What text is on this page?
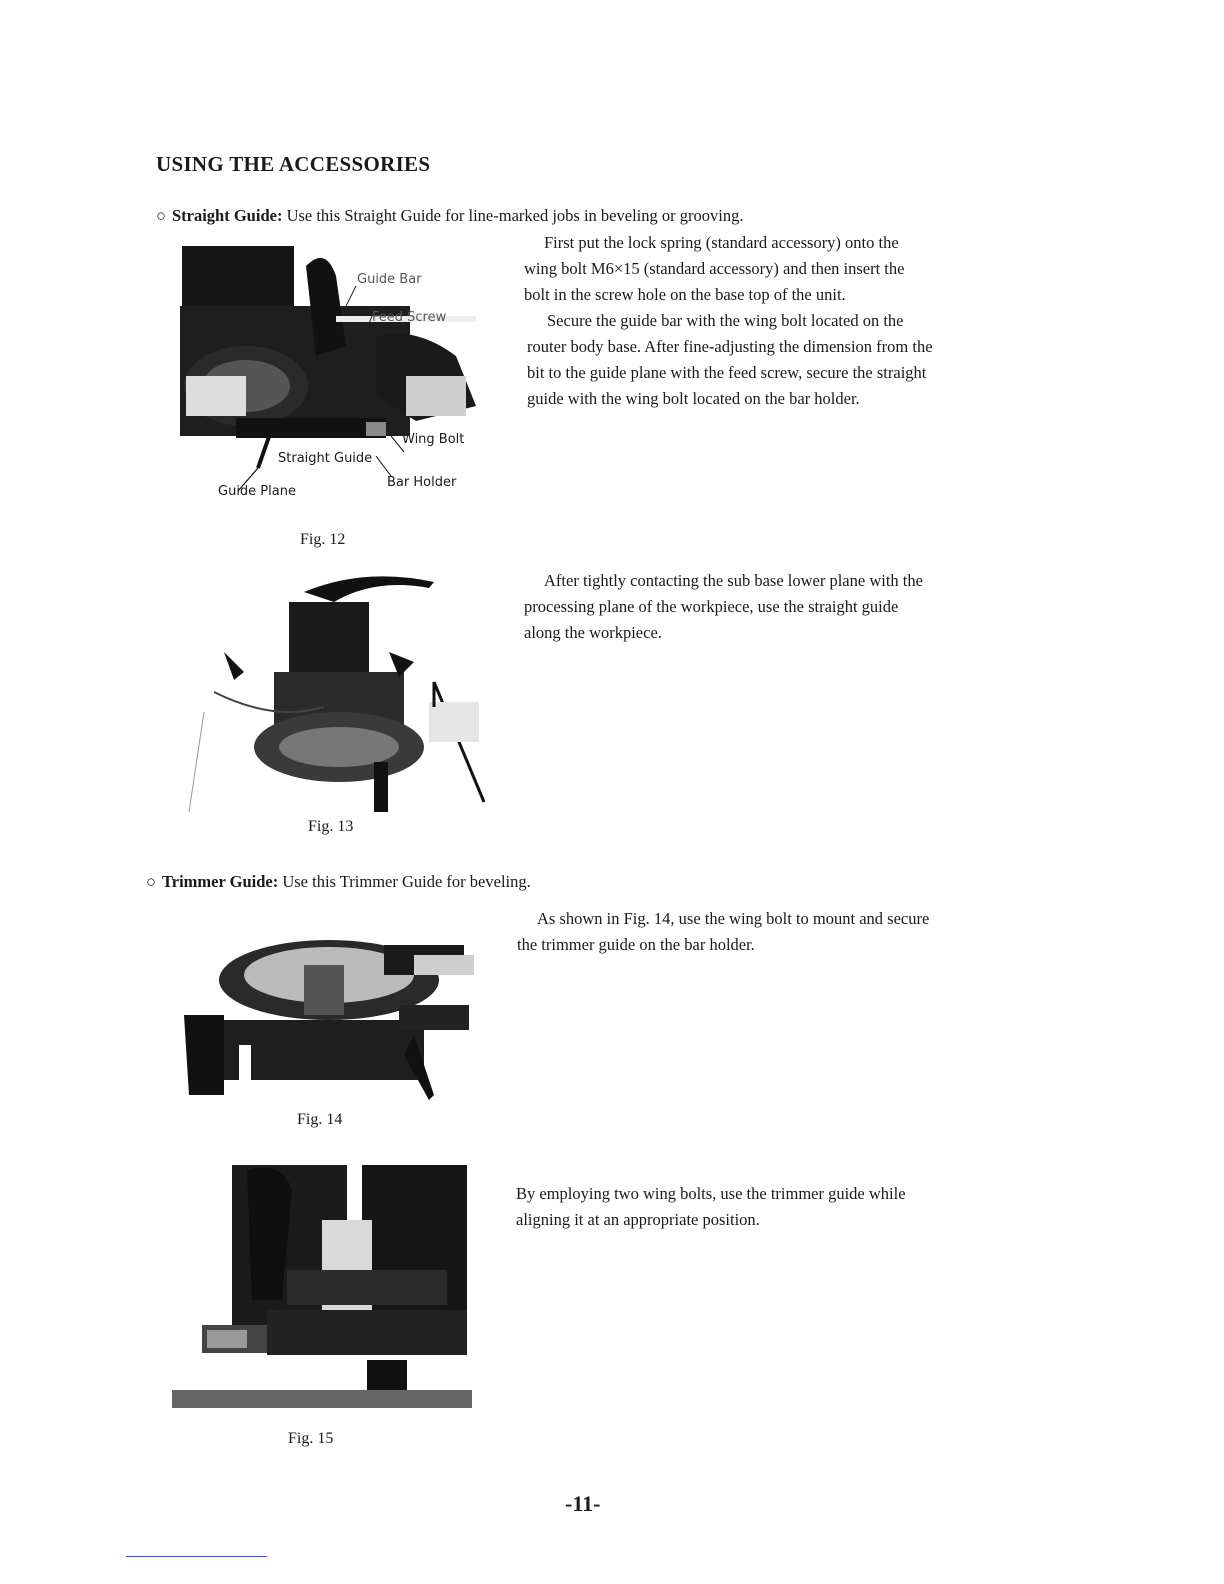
USING THE ACCESSORIES
○ Straight Guide: Use this Straight Guide for line-marked jobs in beveling or grooving.

First put the lock spring (standard accessory) onto the

wing bolt M6×15 (standard accessory) and then insert the

bolt in the screw hole on the base top of the unit.

Secure the guide bar with the wing bolt located on the

router body base. After fine-adjusting the dimension from the

bit to the guide plane with the feed screw, secure the straight

guide with the wing bolt located on the bar holder.

Guide Bar
Feed Screw
Wing Bolt
Straight Guide
Guide Plane
Bar Holder
Fig. 12

After tightly contacting the sub base lower plane with the

processing plane of the workpiece, use the straight guide

along the workpiece.

Fig. 13
○ Trimmer Guide: Use this Trimmer Guide for beveling.

As shown in Fig. 14, use the wing bolt to mount and secure

the trimmer guide on the bar holder.

Fig. 14

By employing two wing bolts, use the trimmer guide while

aligning it at an appropriate position.

Fig. 15
-11-
